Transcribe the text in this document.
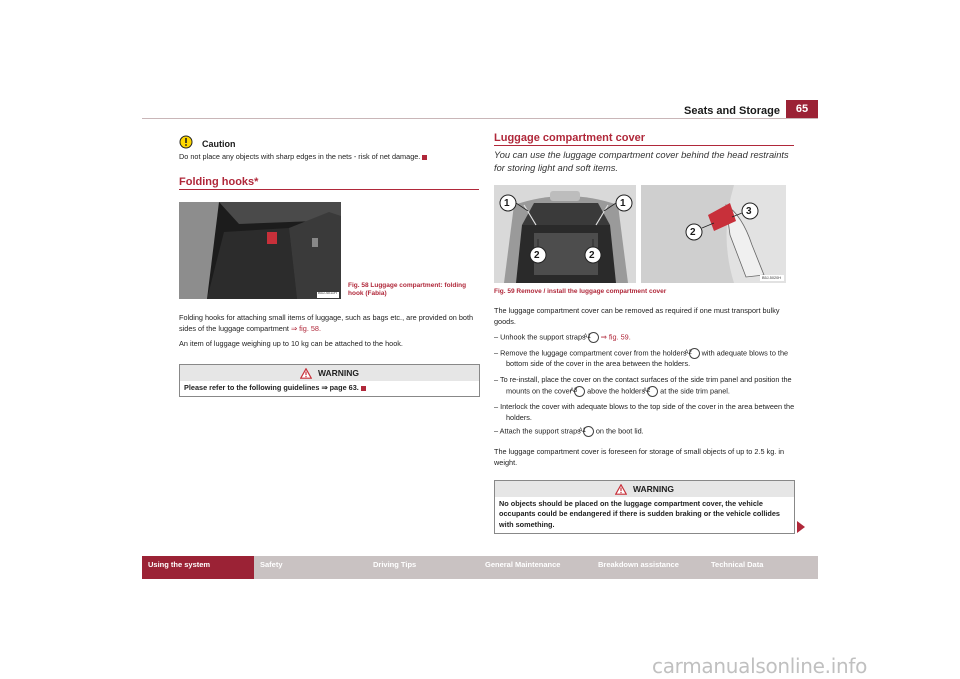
Seats and Storage	65
Caution
Do not place any objects with sharp edges in the nets - risk of net damage.
Folding hooks*
B5J-4011H
Fig. 58 Luggage compartment: folding hook (Fabia)
Folding hooks for attaching small items of luggage, such as bags etc., are provided on both sides of the luggage compartment ⇒ fig. 58.
An item of luggage weighing up to 10 kg can be attached to the hook.
WARNING
Please refer to the following guidelines ⇒ page 63.
Luggage compartment cover
You can use the luggage compartment cover behind the head restraints for storing light and soft items.
1	1
2	2
2
3
B5J-5020H
Fig. 59 Remove / install the luggage compartment cover
The luggage compartment cover can be removed as required if one must transport bulky goods.
– Unhook the support strapsA1 ⇒ fig. 59.
– Remove the luggage compartment cover from the holdersA2 with adequate blows to the bottom side of the cover in the area between the holders.
– To re-install, place the cover on the contact surfaces of the side trim panel and position the mounts on the coverA3 above the holdersA2 at the side trim panel.
– Interlock the cover with adequate blows to the top side of the cover in the area between the holders.
– Attach the support strapsA1 on the boot lid.
The luggage compartment cover is foreseen for storage of small objects of up to 2.5 kg. in weight.
WARNING
No objects should be placed on the luggage compartment cover, the vehicle occupants could be endangered if there is sudden braking or the vehicle collides with something.
Using the system	Safety	Driving Tips	General Maintenance	Breakdown assistance	Technical Data
carmanualsonline.info
